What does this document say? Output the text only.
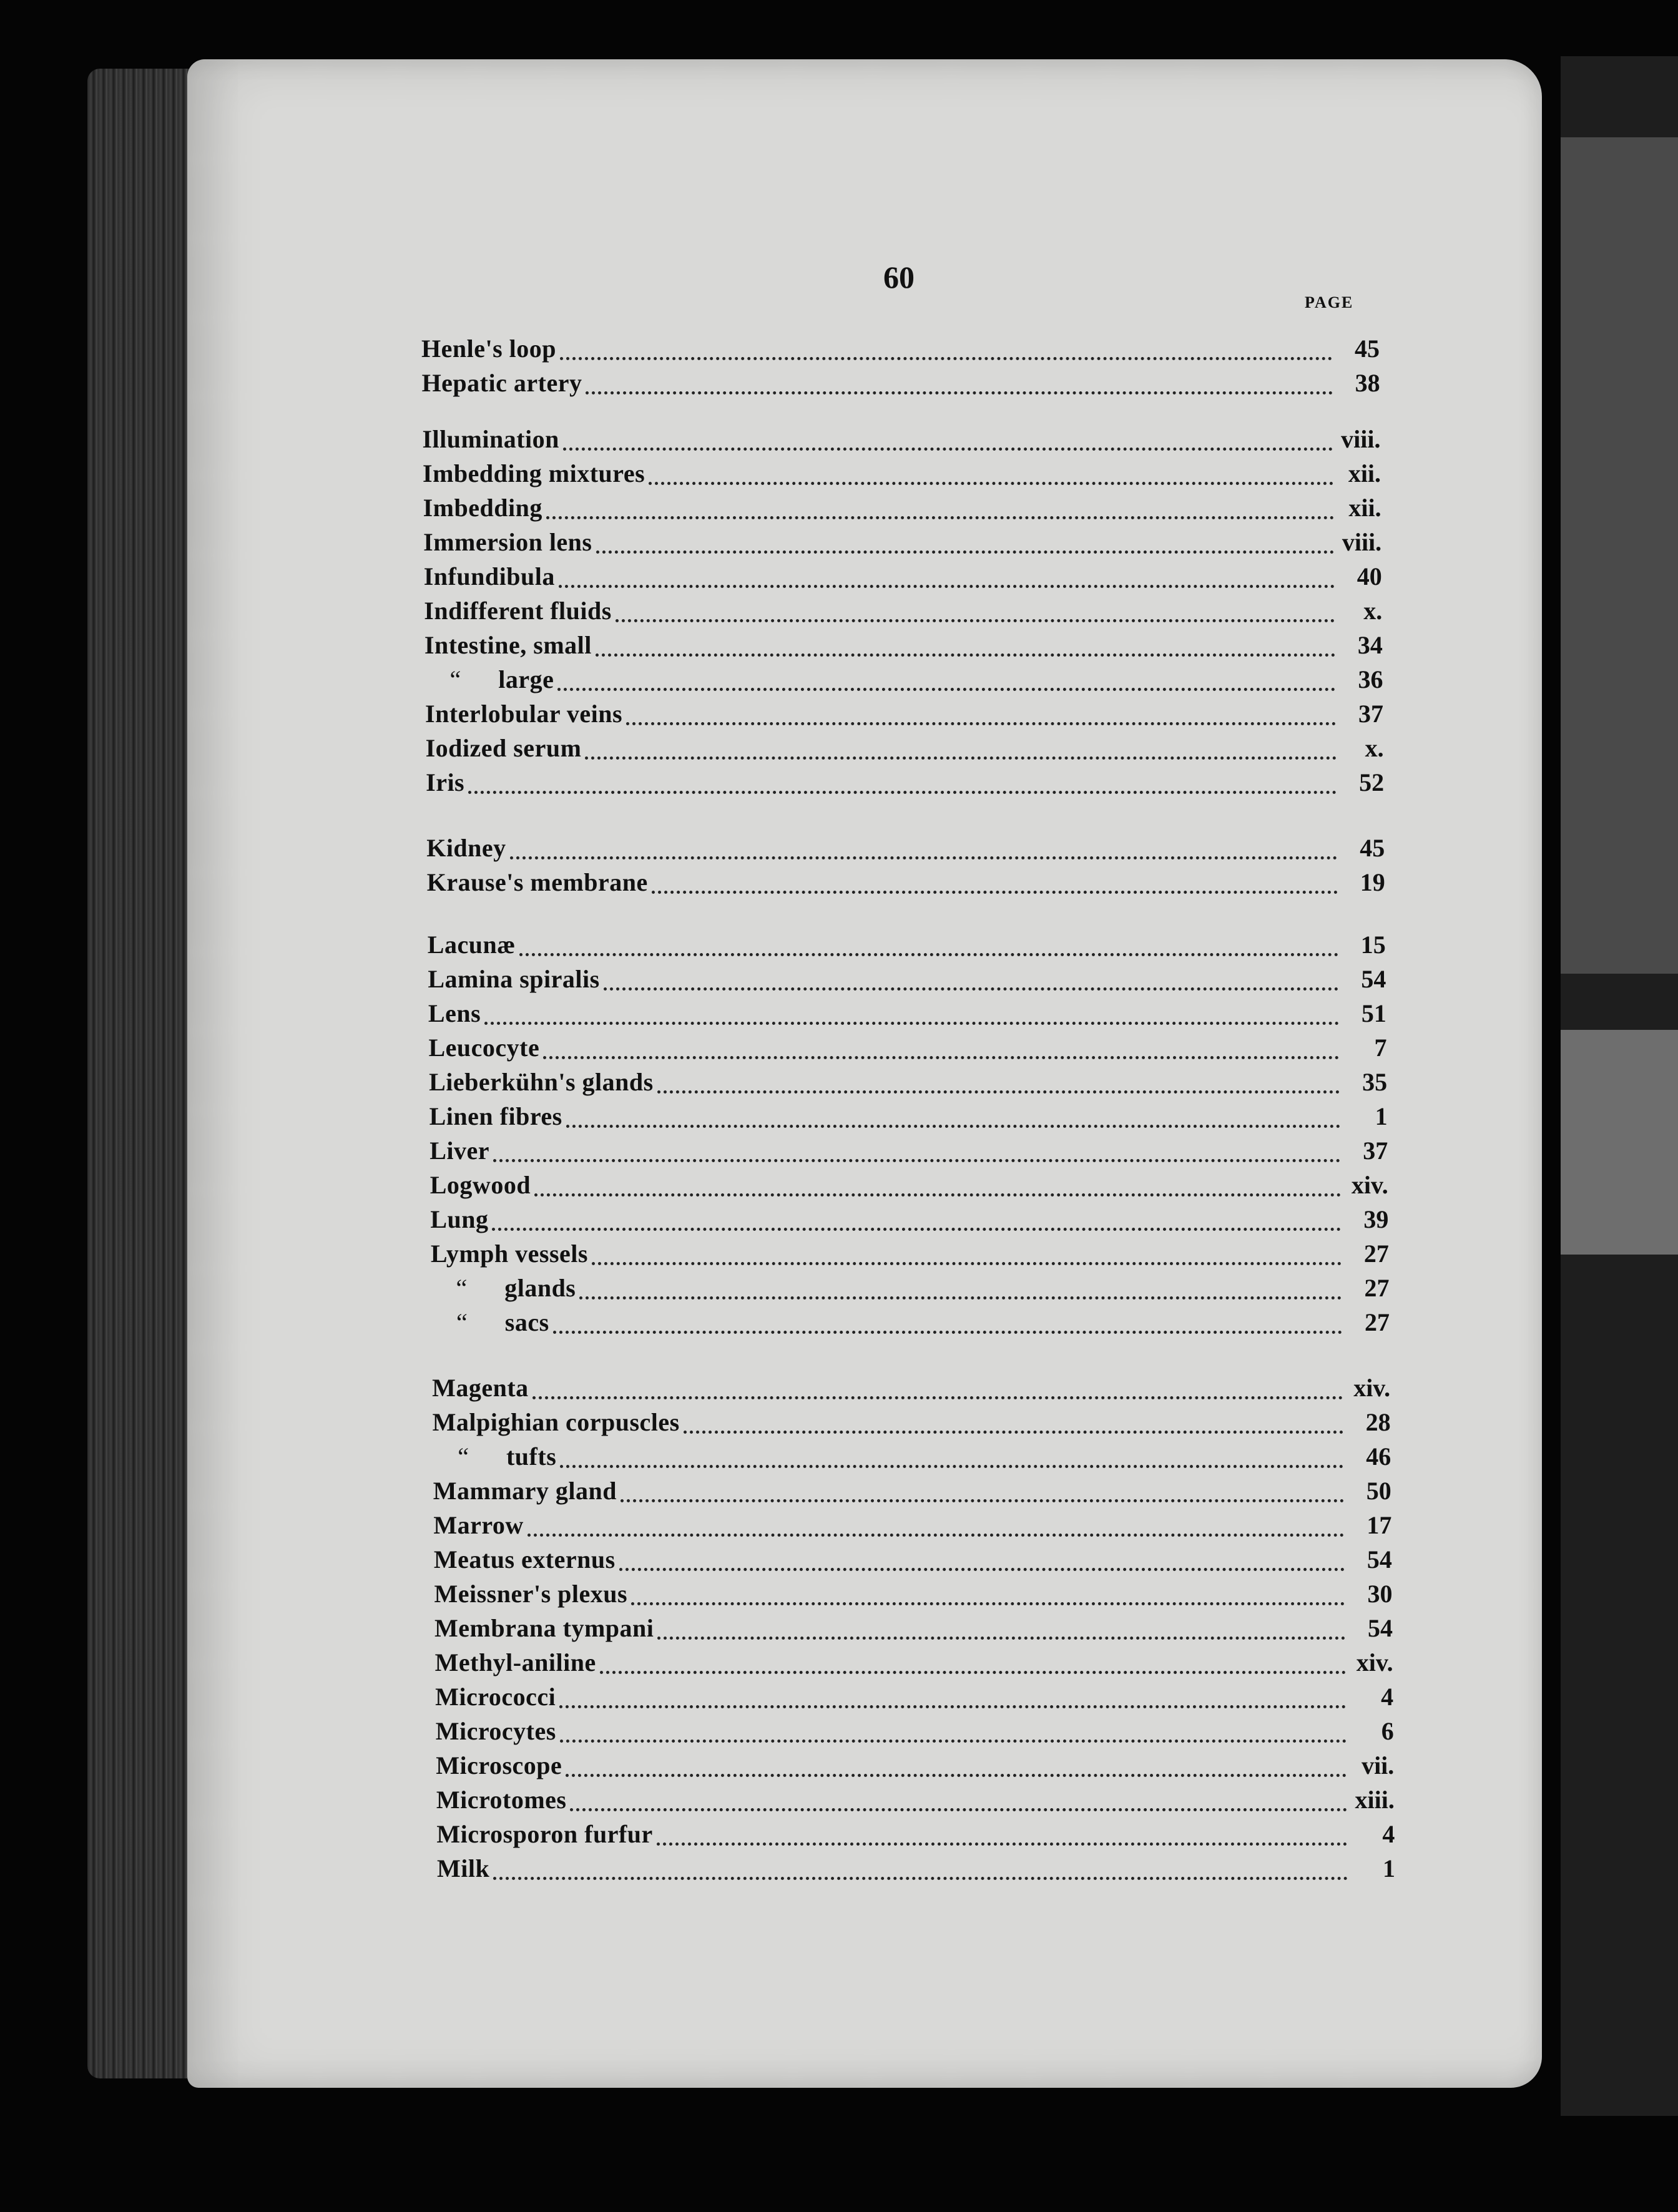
60
PAGE
Henle's loop	45
Hepatic artery	38
Illumination	viii.
Imbedding mixtures	xii.
Imbedding	xii.
Immersion lens	viii.
Infundibula	40
Indifferent fluids	x.
Intestine, small	34
“ large	36
Interlobular veins	37
Iodized serum	x.
Iris	52
Kidney	45
Krause's membrane	19
Lacunæ	15
Lamina spiralis	54
Lens	51
Leucocyte	7
Lieberkühn's glands	35
Linen fibres	1
Liver	37
Logwood	xiv.
Lung	39
Lymph vessels	27
“ glands	27
“ sacs	27
Magenta	xiv.
Malpighian corpuscles	28
“ tufts	46
Mammary gland	50
Marrow	17
Meatus externus	54
Meissner's plexus	30
Membrana tympani	54
Methyl-aniline	xiv.
Micrococci	4
Microcytes	6
Microscope	vii.
Microtomes	xiii.
Microsporon furfur	4
Milk	1
